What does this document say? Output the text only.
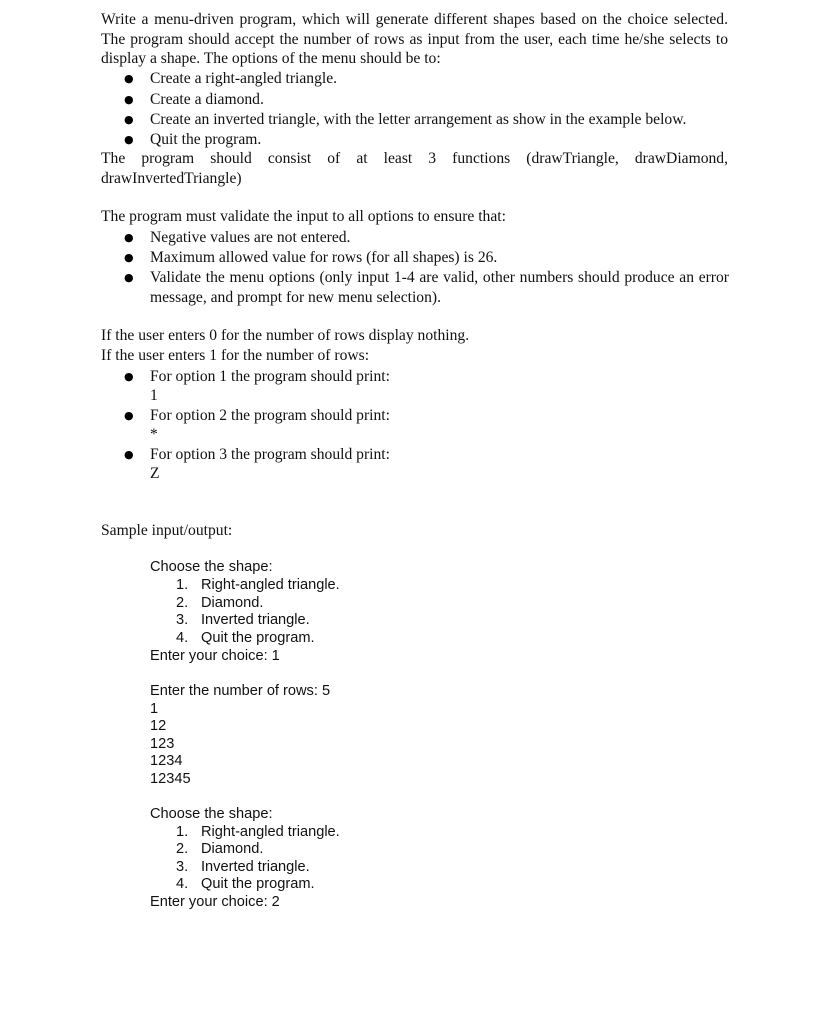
Write a menu-driven program, which will generate different shapes based on the choice selected. The program should accept the number of rows as input from the user, each time he/she selects to display a shape. The options of the menu should be to:

● Create a right-angled triangle.

● Create a diamond.

● Create an inverted triangle, with the letter arrangement as show in the example below.

● Quit the program.

The program should consist of at least 3 functions (drawTriangle, drawDiamond, drawInvertedTriangle)

The program must validate the input to all options to ensure that:

● Negative values are not entered.

● Maximum allowed value for rows (for all shapes) is 26.

● Validate the menu options (only input 1-4 are valid, other numbers should produce an error message, and prompt for new menu selection).

If the user enters 0 for the number of rows display nothing.

If the user enters 1 for the number of rows:

● For option 1 the program should print:

1

● For option 2 the program should print:

*

● For option 3 the program should print:

Z

Sample input/output:

Choose the shape:

1. Right-angled triangle.
2. Diamond.
3. Inverted triangle.
4. Quit the program.

Enter your choice: 1

Enter the number of rows: 5

1

12

123

1234

12345

Choose the shape:

1. Right-angled triangle.
2. Diamond.
3. Inverted triangle.
4. Quit the program.

Enter your choice: 2
